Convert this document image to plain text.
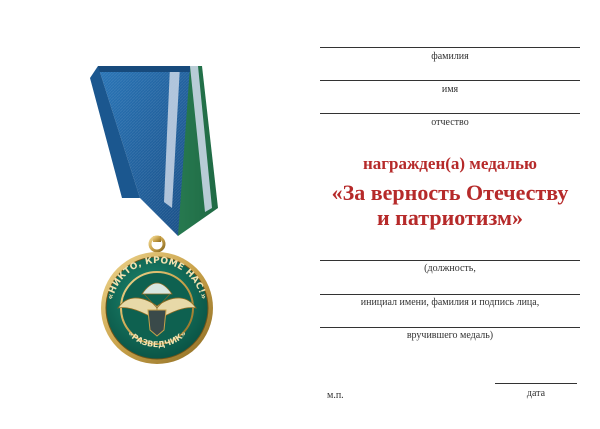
«НИКТО, КРОМЕ НАС!»
«РАЗВЕДЧИК»
фамилия
имя
отчество
награжден(а) медалью
«За верность Отечеству
и патриотизм»
(должность,
инициал имени, фамилия и подпись лица,
вручившего медаль)
м.п.	дата
